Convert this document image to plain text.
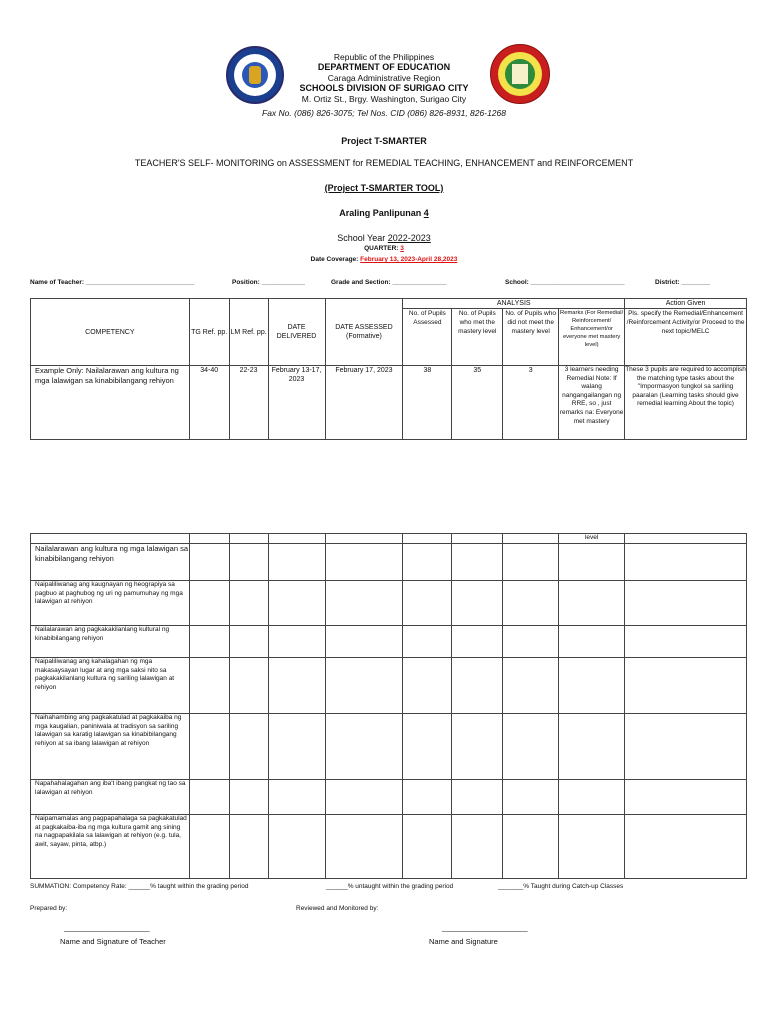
Republic of the Philippines
DEPARTMENT OF EDUCATION
Caraga Administrative Region
SCHOOLS DIVISION OF SURIGAO CITY
M. Ortiz St., Brgy. Washington, Surigao City
Fax No. (086) 826-3075; Tel Nos. CID (086) 826-8931, 826-1268
Project T-SMARTER
TEACHER'S SELF- MONITORING on ASSESSMENT for REMEDIAL TEACHING, ENHANCEMENT and REINFORCEMENT
(Project T-SMARTER TOOL)
Araling Panlipunan 4
School Year 2022-2023
QUARTER: 3
Date Coverage: February 13, 2023-April 28,2023
Name of Teacher: ______________________________	Position: ____________	Grade and Section: _______________	School: __________________________	District: ________
COMPETENCY	TG Ref. pp.	LM Ref. pp.	DATE DELIVERED	DATE ASSESSED (Formative)	ANALYSIS				Action Given
					No. of Pupils Assessed	No. of Pupils who met the mastery level	No. of Pupils who did not meet the mastery level	Remarks (For Remedial/ Reinforcement/ Enhancement/or everyone met mastery level)	Pls. specify the Remedial/Enhancement /Reinforcement Activity/or Proceed to the next topic/MELC
Example Only: Nailalarawan ang kultura ng mga lalawigan sa kinabibilangang rehiyon	34-40	22-23	February 13-17, 2023	February 17, 2023	38	35	3	3 learners needing Remedial Note: If walang nangangailangan ng RRE, so , just remarks na: Everyone met mastery	These 3 pupils are required to accomplish the matching type tasks about the "Impormasyon tungkol sa sariling paaralan (Learning tasks should give remedial learning About the topic)
								level	
Nailalarawan ang kultura ng mga lalawigan sa kinabibilangang rehiyon									
Naipaliliwanag ang kaugnayan ng heograpiya sa pagbuo at paghubog ng uri ng pamumuhay ng mga lalawigan at rehiyon									
Nailalarawan ang pagkakakilanlang kultural ng kinabibilangang rehiyon									
Naipaliliwanag ang kahalagahan ng mga makasaysayan lugar at ang mga saksi nito sa pagkakakilanlang kultura ng sariling lalawigan at rehiyon									
Naihahambing ang pagkakatulad at pagkakaiba ng mga kaugalian, paniniwala at tradisyon sa sariling lalawigan sa karatig lalawigan sa kinabibilangang rehiyon at sa ibang lalawigan at rehiyon									
Napahahalagahan ang iba't ibang pangkat ng tao sa lalawigan at rehiyon									
Naipamamalas ang pagpapahalaga sa pagkakatulad at pagkakaiba-iba ng mga kultura gamit ang sining na nagpapakilala sa lalawigan at rehiyon (e.g. tula, awit, sayaw, pinta, atbp.)									
SUMMATION: Competency Rate: ______% taught within the grading period	______% untaught within the grading period	_______% Taught during Catch-up Classes
Prepared by:	Reviewed and Monitored by:
______________________	______________________
Name and Signature of Teacher	Name and Signature
